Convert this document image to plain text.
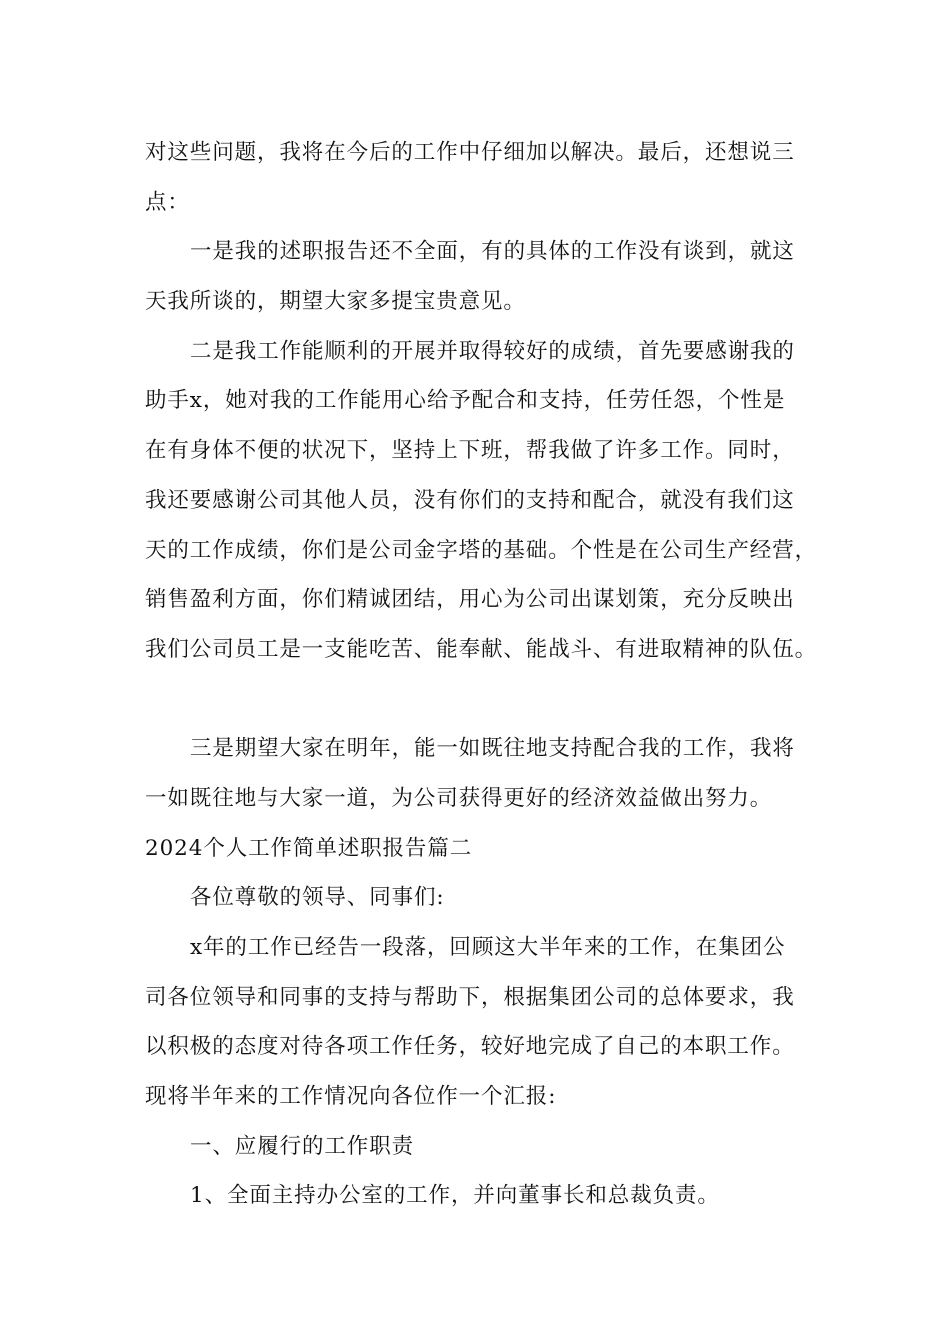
对这些问题，我将在今后的工作中仔细加以解决。最后，还想说三
点：
一是我的述职报告还不全面，有的具体的工作没有谈到，就这
天我所谈的，期望大家多提宝贵意见。
二是我工作能顺利的开展并取得较好的成绩，首先要感谢我的
助手x，她对我的工作能用心给予配合和支持，任劳任怨，个性是
在有身体不便的状况下，坚持上下班，帮我做了许多工作。同时，
我还要感谢公司其他人员，没有你们的支持和配合，就没有我们这
天的工作成绩，你们是公司金字塔的基础。个性是在公司生产经营，
销售盈利方面，你们精诚团结，用心为公司出谋划策，充分反映出
我们公司员工是一支能吃苦、能奉献、能战斗、有进取精神的队伍。
三是期望大家在明年，能一如既往地支持配合我的工作，我将
一如既往地与大家一道，为公司获得更好的经济效益做出努力。
2024个人工作简单述职报告篇二
各位尊敬的领导、同事们:
x年的工作已经告一段落，回顾这大半年来的工作，在集团公
司各位领导和同事的支持与帮助下，根据集团公司的总体要求，我
以积极的态度对待各项工作任务，较好地完成了自己的本职工作。
现将半年来的工作情况向各位作一个汇报:
一、应履行的工作职责
1、全面主持办公室的工作，并向董事长和总裁负责。
